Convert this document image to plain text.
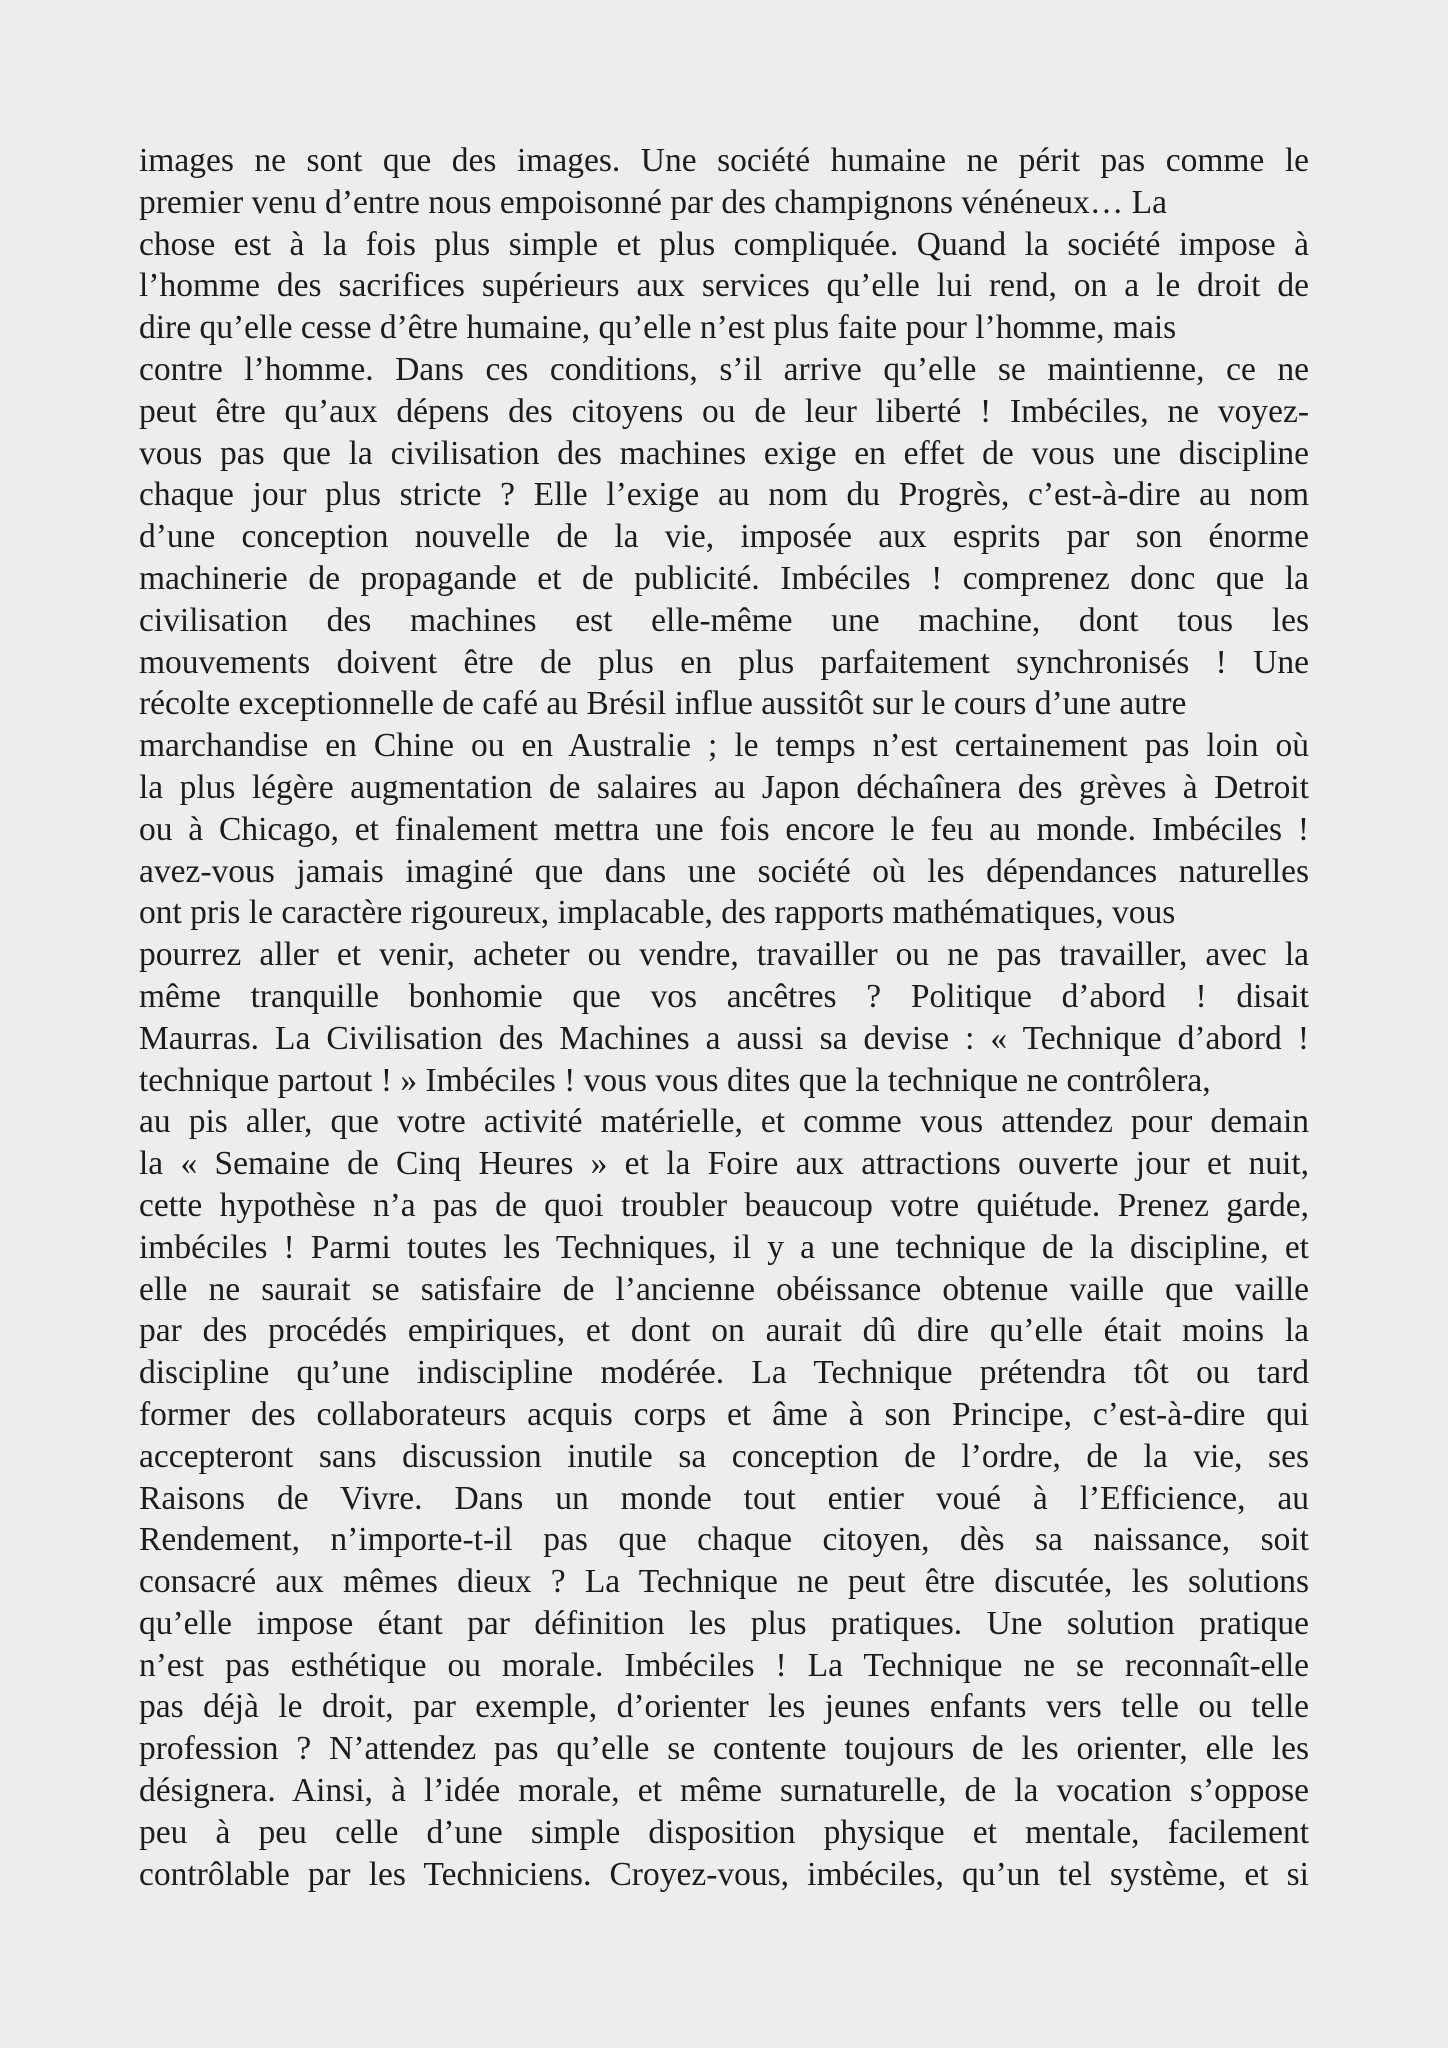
images ne sont que des images. Une société humaine ne périt pas comme le
premier venu d’entre nous empoisonné par des champignons vénéneux… La
chose est à la fois plus simple et plus compliquée. Quand la société impose à
l’homme des sacrifices supérieurs aux services qu’elle lui rend, on a le droit de
dire qu’elle cesse d’être humaine, qu’elle n’est plus faite pour l’homme, mais
contre l’homme. Dans ces conditions, s’il arrive qu’elle se maintienne, ce ne
peut être qu’aux dépens des citoyens ou de leur liberté ! Imbéciles, ne voyez-
vous pas que la civilisation des machines exige en effet de vous une discipline
chaque jour plus stricte ? Elle l’exige au nom du Progrès, c’est-à-dire au nom
d’une conception nouvelle de la vie, imposée aux esprits par son énorme
machinerie de propagande et de publicité. Imbéciles ! comprenez donc que la
civilisation des machines est elle-même une machine, dont tous les
mouvements doivent être de plus en plus parfaitement synchronisés ! Une
récolte exceptionnelle de café au Brésil influe aussitôt sur le cours d’une autre
marchandise en Chine ou en Australie ; le temps n’est certainement pas loin où
la plus légère augmentation de salaires au Japon déchaînera des grèves à Detroit
ou à Chicago, et finalement mettra une fois encore le feu au monde. Imbéciles !
avez-vous jamais imaginé que dans une société où les dépendances naturelles
ont pris le caractère rigoureux, implacable, des rapports mathématiques, vous
pourrez aller et venir, acheter ou vendre, travailler ou ne pas travailler, avec la
même tranquille bonhomie que vos ancêtres ? Politique d’abord ! disait
Maurras. La Civilisation des Machines a aussi sa devise : « Technique d’abord !
technique partout ! » Imbéciles ! vous vous dites que la technique ne contrôlera,
au pis aller, que votre activité matérielle, et comme vous attendez pour demain
la « Semaine de Cinq Heures » et la Foire aux attractions ouverte jour et nuit,
cette hypothèse n’a pas de quoi troubler beaucoup votre quiétude. Prenez garde,
imbéciles ! Parmi toutes les Techniques, il y a une technique de la discipline, et
elle ne saurait se satisfaire de l’ancienne obéissance obtenue vaille que vaille
par des procédés empiriques, et dont on aurait dû dire qu’elle était moins la
discipline qu’une indiscipline modérée. La Technique prétendra tôt ou tard
former des collaborateurs acquis corps et âme à son Principe, c’est-à-dire qui
accepteront sans discussion inutile sa conception de l’ordre, de la vie, ses
Raisons de Vivre. Dans un monde tout entier voué à l’Efficience, au
Rendement, n’importe-t-il pas que chaque citoyen, dès sa naissance, soit
consacré aux mêmes dieux ? La Technique ne peut être discutée, les solutions
qu’elle impose étant par définition les plus pratiques. Une solution pratique
n’est pas esthétique ou morale. Imbéciles ! La Technique ne se reconnaît-elle
pas déjà le droit, par exemple, d’orienter les jeunes enfants vers telle ou telle
profession ? N’attendez pas qu’elle se contente toujours de les orienter, elle les
désignera. Ainsi, à l’idée morale, et même surnaturelle, de la vocation s’oppose
peu à peu celle d’une simple disposition physique et mentale, facilement
contrôlable par les Techniciens. Croyez-vous, imbéciles, qu’un tel système, et si
